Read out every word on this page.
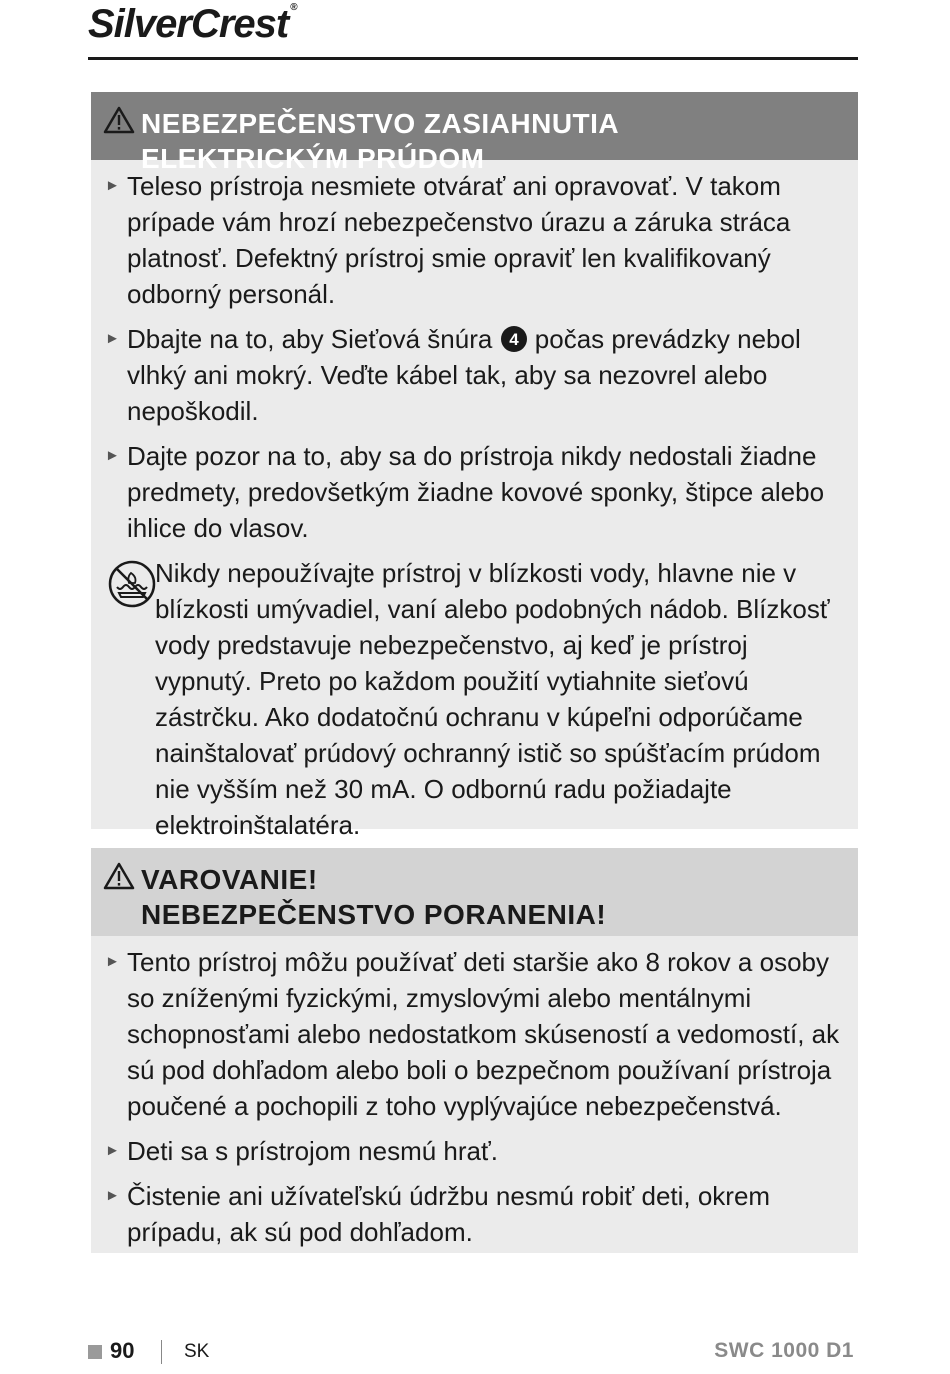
SilverCrest ®
NEBEZPEČENSTVO ZASIAHNUTIA
ELEKTRICKÝM PRÚDOM
► Teleso prístroja nesmiete otvárať ani opravovať. V takom prípade vám hrozí nebezpečenstvo úrazu a záruka stráca platnosť. Defektný prístroj smie opraviť len kvalifikovaný odborný personál.
► Dbajte na to, aby Sieťová šnúra 4 počas prevádzky nebol vlhký ani mokrý. Veďte kábel tak, aby sa nezovrel alebo nepoškodil.
► Dajte pozor na to, aby sa do prístroja nikdy nedostali žiadne predmety, predovšetkým žiadne kovové sponky, štipce alebo ihlice do vlasov.
Nikdy nepoužívajte prístroj v blízkosti vody, hlavne nie v blízkosti umývadiel, vaní alebo podobných nádob. Blízkosť vody predstavuje nebezpečenstvo, aj keď je prístroj vypnutý. Preto po každom použití vytiahnite sieťovú zástrčku. Ako dodatočnú ochranu v kúpeľni odporúčame nainštalovať prúdový ochranný istič so spúšťacím prúdom nie vyšším než 30 mA. O odbornú radu požiadajte elektroinštalatéra.
VAROVANIE!
NEBEZPEČENSTVO PORANENIA!
► Tento prístroj môžu používať deti staršie ako 8 rokov a osoby so zníženými fyzickými, zmyslovými alebo mentálnymi schopnosťami alebo nedostatkom skúseností a vedomostí, ak sú pod dohľadom alebo boli o bezpečnom používaní prístroja poučené a pochopili z toho vyplývajúce nebezpečenstvá.
► Deti sa s prístrojom nesmú hrať.
► Čistenie ani užívateľskú údržbu nesmú robiť deti, okrem prípadu, ak sú pod dohľadom.
90	SK	SWC 1000 D1
